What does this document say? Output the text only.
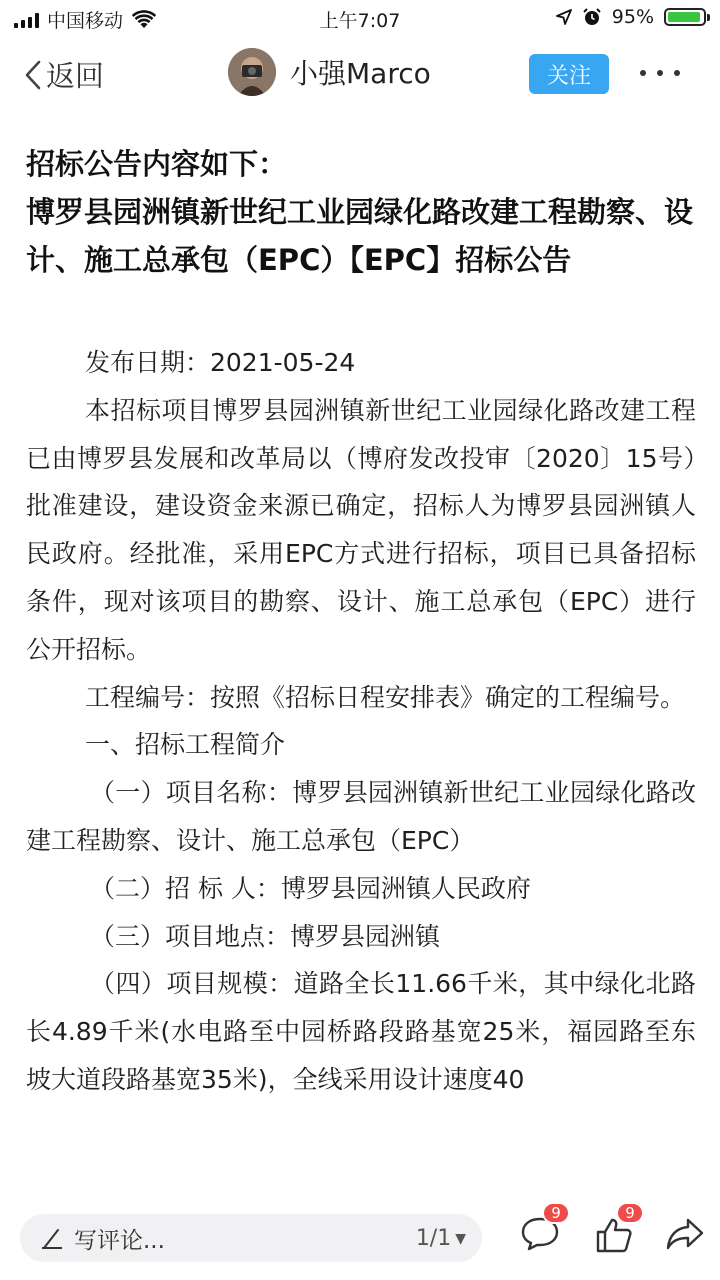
中国移动	上午7:07	95%
返回	小强Marco	关注
招标公告内容如下：
博罗县园洲镇新世纪工业园绿化路改建工程勘察、设计、施工总承包（EPC）【EPC】招标公告

发布日期：2021-05-24

本招标项目博罗县园洲镇新世纪工业园绿化路改建工程已由博罗县发展和改革局以（博府发改投审〔2020〕15号）批准建设，建设资金来源已确定，招标人为博罗县园洲镇人民政府。经批准，采用EPC方式进行招标，项目已具备招标条件，现对该项目的勘察、设计、施工总承包（EPC）进行公开招标。

工程编号：按照《招标日程安排表》确定的工程编号。

一、招标工程简介

（一）项目名称：博罗县园洲镇新世纪工业园绿化路改建工程勘察、设计、施工总承包（EPC）

（二）招 标 人：博罗县园洲镇人民政府

（三）项目地点：博罗县园洲镇

（四）项目规模：道路全长11.66千米，其中绿化北路长4.89千米(水电路至中园桥路段路基宽25米，福园路至东坡大道段路基宽35米)，全线采用设计速度40

写评论...	1/1 ▼
9	9
